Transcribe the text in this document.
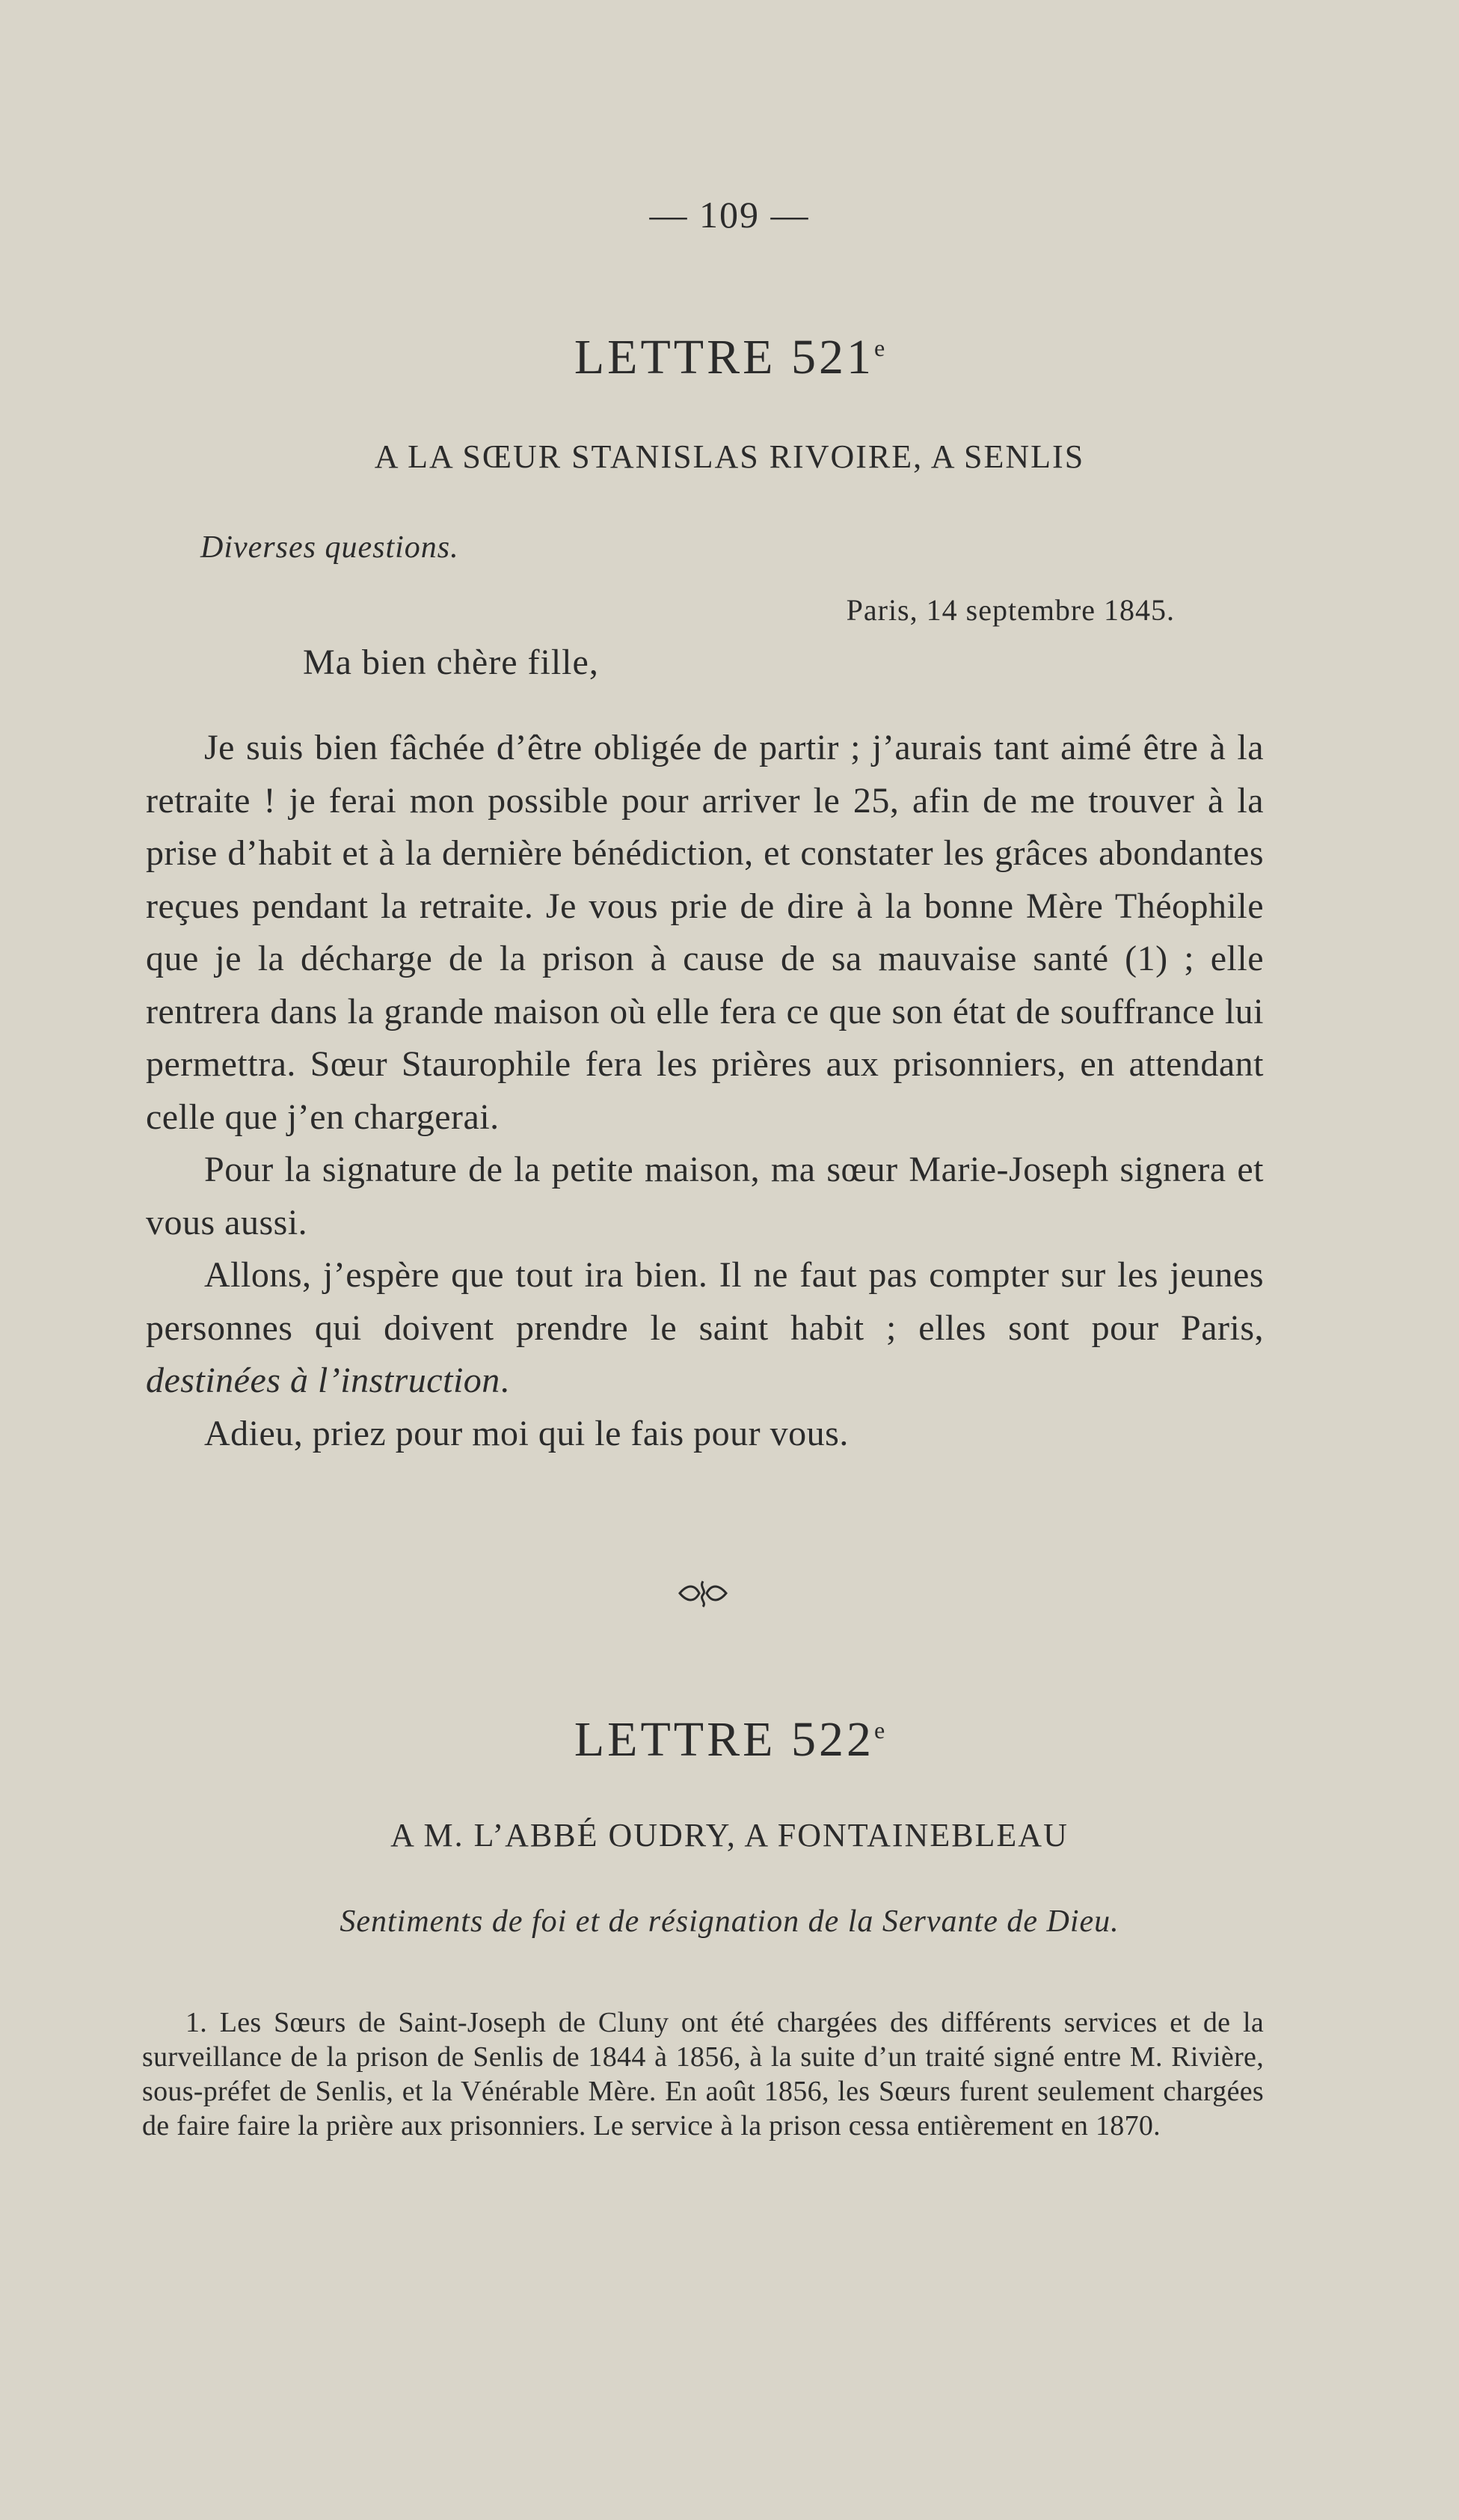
— 109 —
LETTRE 521e
A LA SŒUR STANISLAS RIVOIRE, A SENLIS
Diverses questions.
Paris, 14 septembre 1845.
Ma bien chère fille,

Je suis bien fâchée d’être obligée de partir ; j’aurais tant aimé être à la retraite ! je ferai mon possible pour arriver le 25, afin de me trouver à la prise d’habit et à la dernière bénédiction, et constater les grâces abondantes reçues pendant la retraite. Je vous prie de dire à la bonne Mère Théophile que je la décharge de la prison à cause de sa mauvaise santé (1) ; elle rentrera dans la grande maison où elle fera ce que son état de souffrance lui permettra. Sœur Staurophile fera les prières aux prisonniers, en attendant celle que j’en chargerai.

Pour la signature de la petite maison, ma sœur Marie-Joseph signera et vous aussi.

Allons, j’espère que tout ira bien. Il ne faut pas compter sur les jeunes personnes qui doivent prendre le saint habit ; elles sont pour Paris, destinées à l’instruction.

Adieu, priez pour moi qui le fais pour vous.

LETTRE 522e
A M. L’ABBÉ OUDRY, A FONTAINEBLEAU
Sentiments de foi et de résignation de la Servante de Dieu.

1. Les Sœurs de Saint-Joseph de Cluny ont été chargées des différents services et de la surveillance de la prison de Senlis de 1844 à 1856, à la suite d’un traité signé entre M. Rivière, sous-préfet de Senlis, et la Vénérable Mère. En août 1856, les Sœurs furent seulement chargées de faire faire la prière aux prisonniers. Le service à la prison cessa entièrement en 1870.
